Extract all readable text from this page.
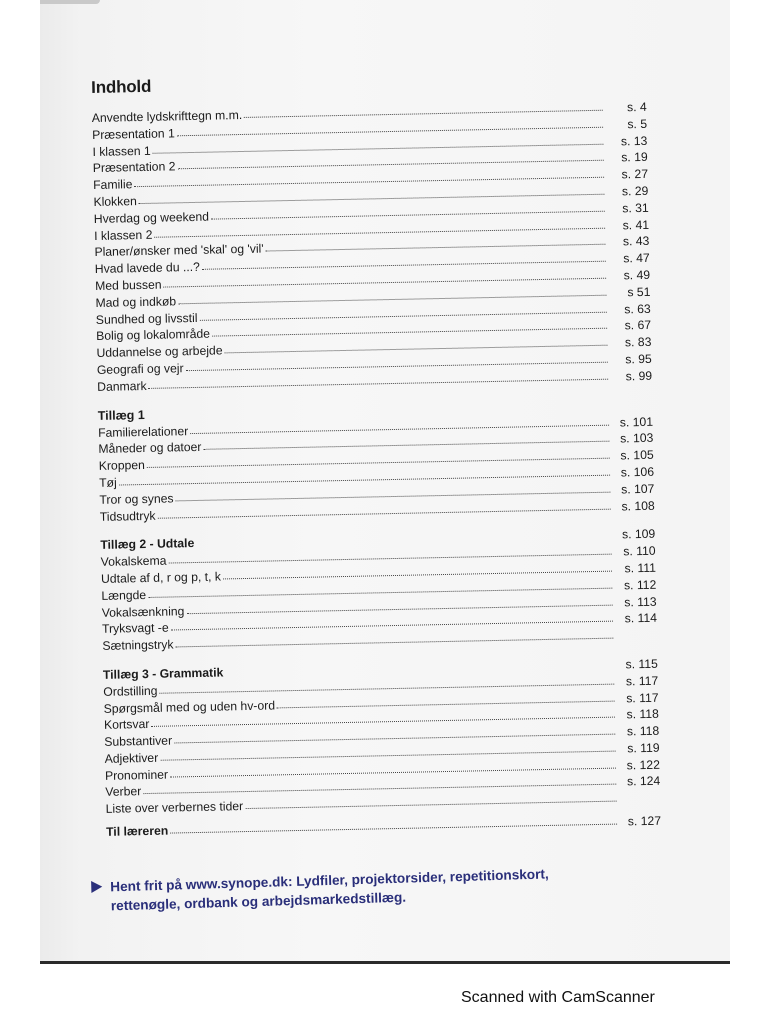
Indhold
Anvendte lydskrifttegn m.m.
s. 4
Præsentation 1
s. 5
I klassen 1
s. 13
Præsentation 2
s. 19
Familie
s. 27
Klokken
s. 29
Hverdag og weekend
s. 31
I klassen 2
s. 41
Planer/ønsker med 'skal' og 'vil'
s. 43
Hvad lavede du ...?
s. 47
Med bussen
s. 49
Mad og indkøb
s 51
Sundhed og livsstil
s. 63
Bolig og lokalområde
s. 67
Uddannelse og arbejde
s. 83
Geografi og vejr
s. 95
Danmark
s. 99
Tillæg 1
Familierelationer
s. 101
Måneder og datoer
s. 103
Kroppen
s. 105
Tøj
s. 106
Tror og synes
s. 107
Tidsudtryk
s. 108
Tillæg 2 - Udtale
s. 109
Vokalskema
s. 110
Udtale af d, r og p, t, k
s. 111
Længde
s. 112
Vokalsænkning
s. 113
Tryksvagt -e
s. 114
Sætningstryk
Tillæg 3 - Grammatik
s. 115
Ordstilling
s. 117
Spørgsmål med og uden hv-ord
s. 117
Kortsvar
s. 118
Substantiver
s. 118
Adjektiver
s. 119
Pronominer
s. 122
Verber
s. 124
Liste over verbernes tider
Til læreren
s. 127
Hent frit på www.synope.dk: Lydfiler, projektorsider, repetitionskort,
rettenøgle, ordbank og arbejdsmarkedstillæg.
Scanned with CamScanner
